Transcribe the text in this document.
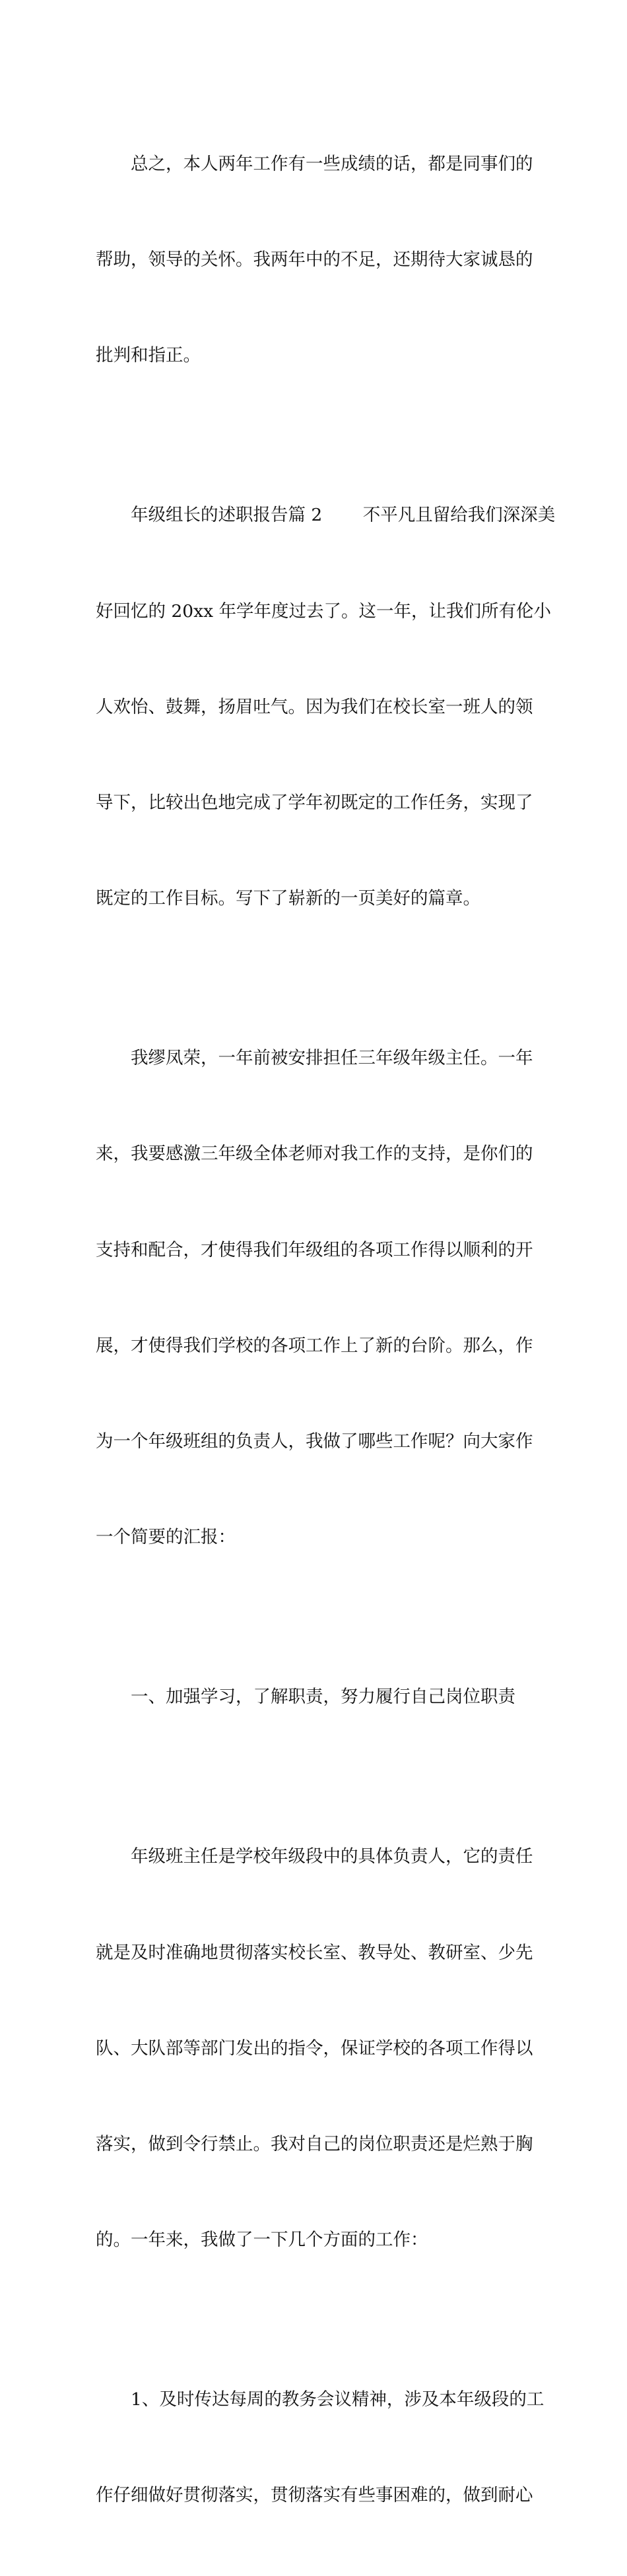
总之，本人两年工作有一些成绩的话，都是同事们的

帮助，领导的关怀。我两年中的不足，还期待大家诚恳的

批判和指正。

年级组长的述职报告篇 2　　 不平凡且留给我们深深美

好回忆的 20xx 年学年度过去了。这一年，让我们所有伦小

人欢怡、鼓舞，扬眉吐气。因为我们在校长室一班人的领

导下，比较出色地完成了学年初既定的工作任务，实现了

既定的工作目标。写下了崭新的一页美好的篇章。

我缪凤荣，一年前被安排担任三年级年级主任。一年

来，我要感激三年级全体老师对我工作的支持，是你们的

支持和配合，才使得我们年级组的各项工作得以顺利的开

展，才使得我们学校的各项工作上了新的台阶。那么，作

为一个年级班组的负责人，我做了哪些工作呢？向大家作

一个简要的汇报：

一、加强学习，了解职责，努力履行自己岗位职责

年级班主任是学校年级段中的具体负责人，它的责任

就是及时准确地贯彻落实校长室、教导处、教研室、少先

队、大队部等部门发出的指令，保证学校的各项工作得以

落实，做到令行禁止。我对自己的岗位职责还是烂熟于胸

的。一年来，我做了一下几个方面的工作：

1、及时传达每周的教务会议精神，涉及本年级段的工

作仔细做好贯彻落实，贯彻落实有些事困难的，做到耐心
